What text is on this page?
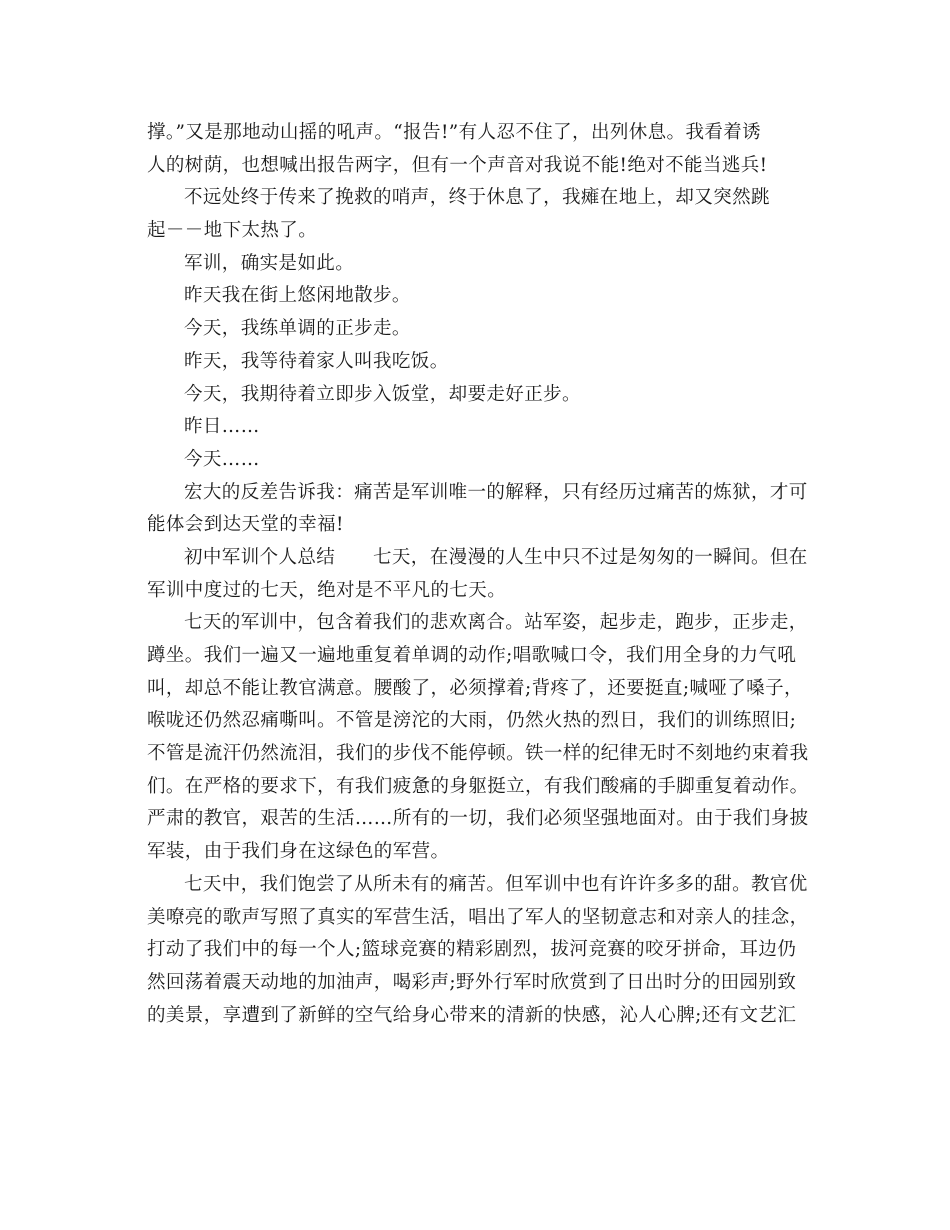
撑。”又是那地动山摇的吼声。“报告!”有人忍不住了，出列休息。我看着诱
人的树荫，也想喊出报告两字，但有一个声音对我说不能!绝对不能当逃兵!
不远处终于传来了挽救的哨声，终于休息了，我瘫在地上，却又突然跳
起－－地下太热了。
军训，确实是如此。
昨天我在街上悠闲地散步。
今天，我练单调的正步走。
昨天，我等待着家人叫我吃饭。
今天，我期待着立即步入饭堂，却要走好正步。
昨日……
今天……
宏大的反差告诉我：痛苦是军训唯一的解释，只有经历过痛苦的炼狱，才可
能体会到达天堂的幸福!
初中军训个人总结　　七天，在漫漫的人生中只不过是匆匆的一瞬间。但在
军训中度过的七天，绝对是不平凡的七天。
七天的军训中，包含着我们的悲欢离合。站军姿，起步走，跑步，正步走，
蹲坐。我们一遍又一遍地重复着单调的动作;唱歌喊口令，我们用全身的力气吼
叫，却总不能让教官满意。腰酸了，必须撑着;背疼了，还要挺直;喊哑了嗓子，
喉咙还仍然忍痛嘶叫。不管是滂沱的大雨，仍然火热的烈日，我们的训练照旧;
不管是流汗仍然流泪，我们的步伐不能停顿。铁一样的纪律无时不刻地约束着我
们。在严格的要求下，有我们疲惫的身躯挺立，有我们酸痛的手脚重复着动作。
严肃的教官，艰苦的生活……所有的一切，我们必须坚强地面对。由于我们身披
军装，由于我们身在这绿色的军营。
七天中，我们饱尝了从所未有的痛苦。但军训中也有许许多多的甜。教官优
美嘹亮的歌声写照了真实的军营生活，唱出了军人的坚韧意志和对亲人的挂念，
打动了我们中的每一个人;篮球竞赛的精彩剧烈，拔河竞赛的咬牙拼命，耳边仍
然回荡着震天动地的加油声，喝彩声;野外行军时欣赏到了日出时分的田园别致
的美景，享遭到了新鲜的空气给身心带来的清新的快感，沁人心脾;还有文艺汇
